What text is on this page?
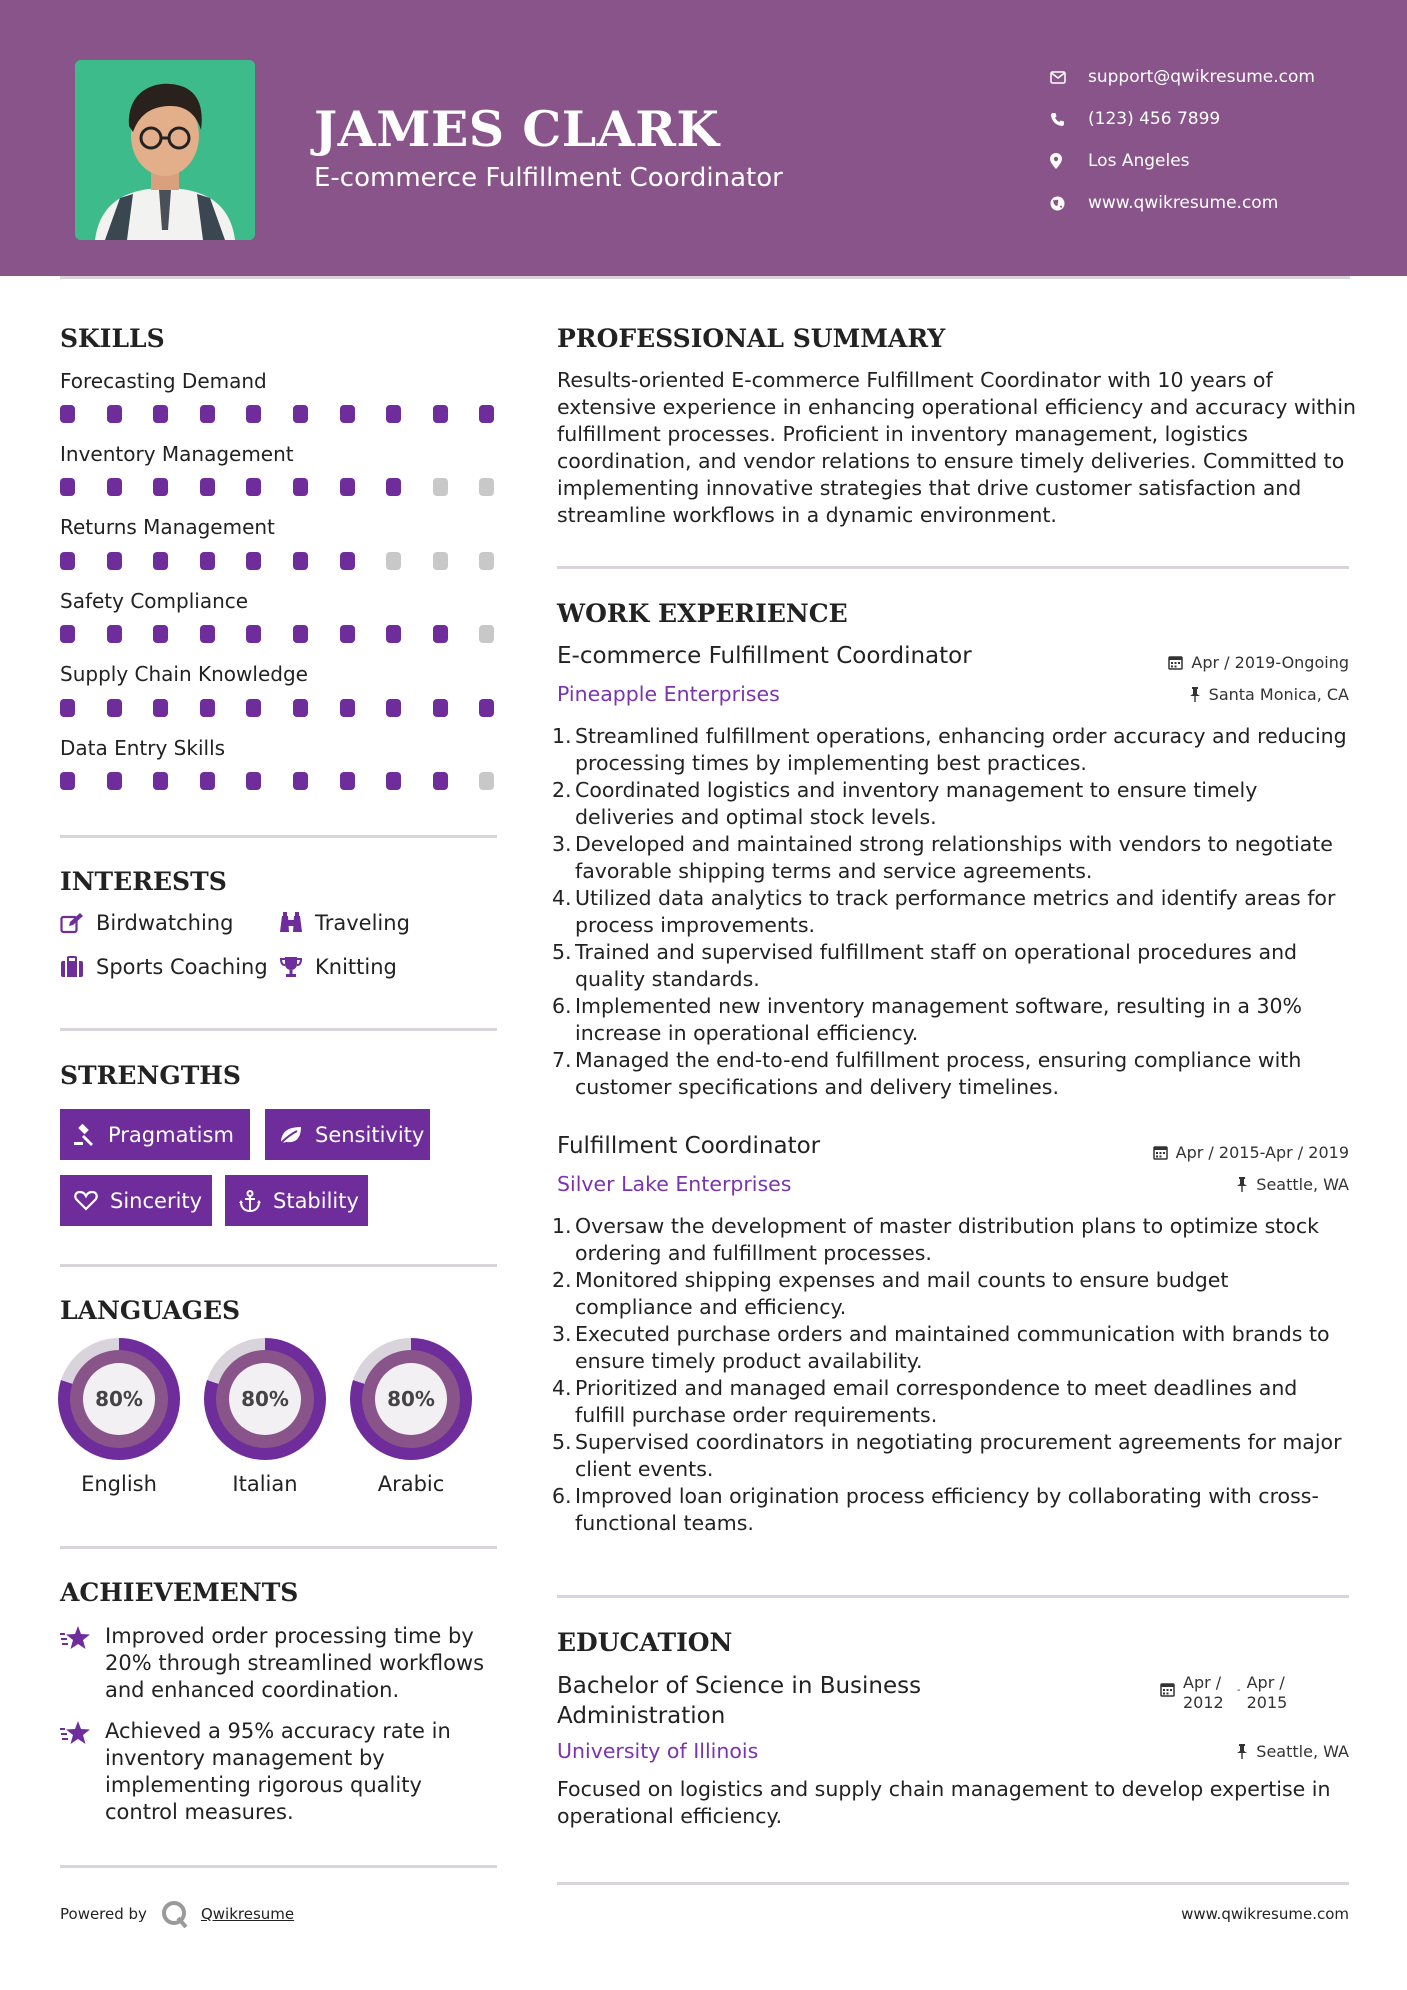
JAMES CLARK
E-commerce Fulfillment Coordinator
support@qwikresume.com
(123) 456 7899
Los Angeles
www.qwikresume.com
SKILLS
Forecasting Demand
Inventory Management
Returns Management
Safety Compliance
Supply Chain Knowledge
Data Entry Skills
INTERESTS
Birdwatching	Traveling
Sports Coaching Knitting
STRENGTHS
Pragmatism	Sensitivity
Sincerity	Stability
LANGUAGES
80%
English
80%
Italian
80%
Arabic
ACHIEVEMENTS
Improved order processing time by 20% through streamlined workflows and enhanced coordination.
Achieved a 95% accuracy rate in inventory management by implementing rigorous quality control measures.
PROFESSIONAL SUMMARY
Results-oriented E-commerce Fulfillment Coordinator with 10 years of extensive experience in enhancing operational efficiency and accuracy within fulfillment processes. Proficient in inventory management, logistics coordination, and vendor relations to ensure timely deliveries. Committed to implementing innovative strategies that drive customer satisfaction and streamline workflows in a dynamic environment.
WORK EXPERIENCE
E-commerce Fulfillment Coordinator	Apr / 2019-Ongoing
Pineapple Enterprises	Santa Monica, CA
1. Streamlined fulfillment operations, enhancing order accuracy and reducing processing times by implementing best practices.
2. Coordinated logistics and inventory management to ensure timely deliveries and optimal stock levels.
3. Developed and maintained strong relationships with vendors to negotiate favorable shipping terms and service agreements.
4. Utilized data analytics to track performance metrics and identify areas for process improvements.
5. Trained and supervised fulfillment staff on operational procedures and quality standards.
6. Implemented new inventory management software, resulting in a 30% increase in operational efficiency.
7. Managed the end-to-end fulfillment process, ensuring compliance with customer specifications and delivery timelines.
Fulfillment Coordinator	Apr / 2015-Apr / 2019
Silver Lake Enterprises	Seattle, WA
1. Oversaw the development of master distribution plans to optimize stock ordering and fulfillment processes.
2. Monitored shipping expenses and mail counts to ensure budget compliance and efficiency.
3. Executed purchase orders and maintained communication with brands to ensure timely product availability.
4. Prioritized and managed email correspondence to meet deadlines and fulfill purchase order requirements.
5. Supervised coordinators in negotiating procurement agreements for major client events.
6. Improved loan origination process efficiency by collaborating with cross-functional teams.
EDUCATION
Bachelor of Science in Business Administration
Apr / 2012
- Apr / 2015
University of Illinois	Seattle, WA
Focused on logistics and supply chain management to develop expertise in operational efficiency.
Powered by	Qwikresume	www.qwikresume.com
